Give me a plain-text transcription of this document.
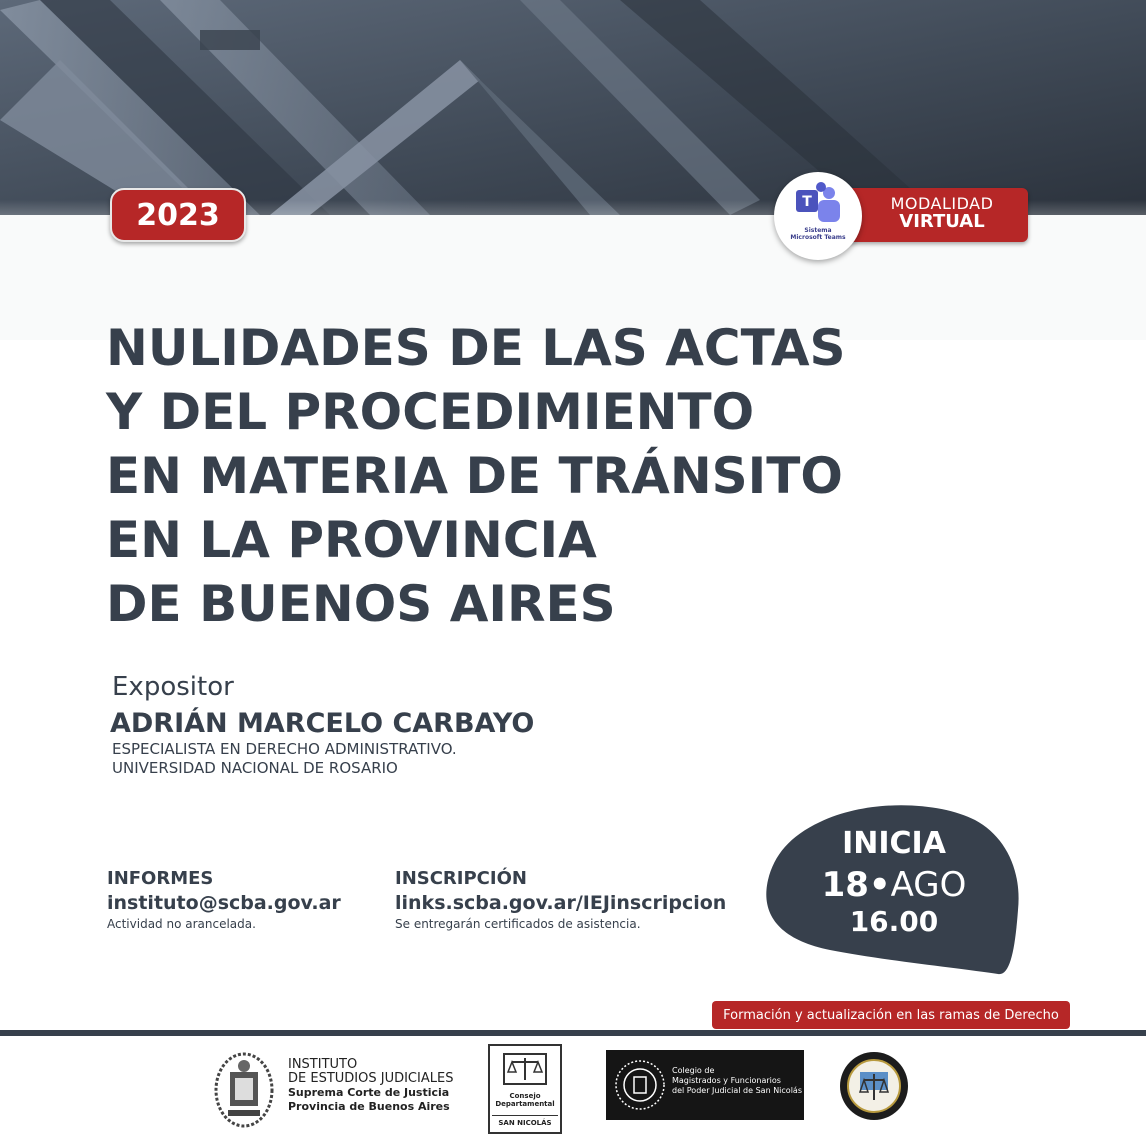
2023	MODALIDAD
VIRTUAL
T
Sistema
Microsoft Teams
NULIDADES DE LAS ACTAS
Y DEL PROCEDIMIENTO
EN MATERIA DE TRÁNSITO
EN LA PROVINCIA
DE BUENOS AIRES
Expositor
ADRIÁN MARCELO CARBAYO
ESPECIALISTA EN DERECHO ADMINISTRATIVO.
UNIVERSIDAD NACIONAL DE ROSARIO
INFORMES
instituto@scba.gov.ar
Actividad no arancelada.
INSCRIPCIÓN
links.scba.gov.ar/IEJinscripcion
Se entregarán certificados de asistencia.
INICIA
18•AGO
16.00
Formación y actualización en las ramas de Derecho
INSTITUTO
DE ESTUDIOS JUDICIALES
Suprema Corte de Justicia
Provincia de Buenos Aires
Consejo
Departamental
SAN NICOLÁS
Colegio de
Magistrados y Funcionarios
del Poder Judicial de San Nicolás
